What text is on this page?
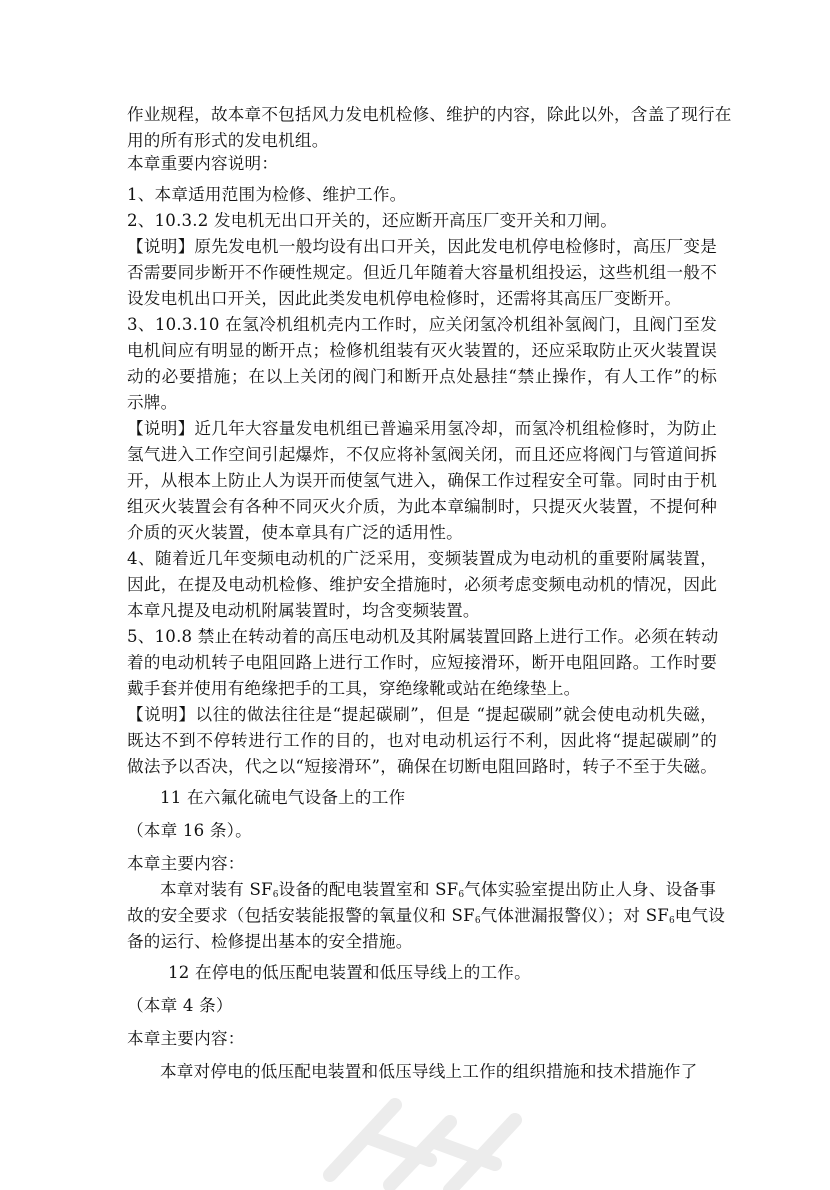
作业规程，故本章不包括风力发电机检修、维护的内容，除此以外，含盖了现行在
用的所有形式的发电机组。
本章重要内容说明：
1、本章适用范围为检修、维护工作。
2、10.3.2 发电机无出口开关的，还应断开高压厂变开关和刀闸。
【说明】原先发电机一般均设有出口开关，因此发电机停电检修时，高压厂变是
否需要同步断开不作硬性规定。但近几年随着大容量机组投运，这些机组一般不
设发电机出口开关，因此此类发电机停电检修时，还需将其高压厂变断开。
3、10.3.10 在氢冷机组机壳内工作时，应关闭氢冷机组补氢阀门，且阀门至发
电机间应有明显的断开点；检修机组装有灭火装置的，还应采取防止灭火装置误
动的必要措施；在以上关闭的阀门和断开点处悬挂“禁止操作，有人工作”的标
示牌。
【说明】近几年大容量发电机组已普遍采用氢冷却，而氢冷机组检修时，为防止
氢气进入工作空间引起爆炸，不仅应将补氢阀关闭，而且还应将阀门与管道间拆
开，从根本上防止人为误开而使氢气进入，确保工作过程安全可靠。同时由于机
组灭火装置会有各种不同灭火介质，为此本章编制时，只提灭火装置，不提何种
介质的灭火装置，使本章具有广泛的适用性。
4、随着近几年变频电动机的广泛采用，变频装置成为电动机的重要附属装置，
因此，在提及电动机检修、维护安全措施时，必须考虑变频电动机的情况，因此
本章凡提及电动机附属装置时，均含变频装置。
5、10.8 禁止在转动着的高压电动机及其附属装置回路上进行工作。必须在转动
着的电动机转子电阻回路上进行工作时，应短接滑环，断开电阻回路。工作时要
戴手套并使用有绝缘把手的工具，穿绝缘靴或站在绝缘垫上。
【说明】以往的做法往往是“提起碳刷”，但是 “提起碳刷”就会使电动机失磁，
既达不到不停转进行工作的目的，也对电动机运行不利，因此将“提起碳刷”的
做法予以否决，代之以“短接滑环”，确保在切断电阻回路时，转子不至于失磁。
11 在六氟化硫电气设备上的工作
（本章 16 条）。
本章主要内容：
本章对装有 $SF_6$设备的配电装置室和 $SF_6$气体实验室提出防止人身、设备事
故的安全要求（包括安装能报警的氧量仪和 $SF_6$气体泄漏报警仪）；对 $SF_6$电气设
备的运行、检修提出基本的安全措施。
12 在停电的低压配电装置和低压导线上的工作。
（本章 4 条）
本章主要内容：
本章对停电的低压配电装置和低压导线上工作的组织措施和技术措施作了
